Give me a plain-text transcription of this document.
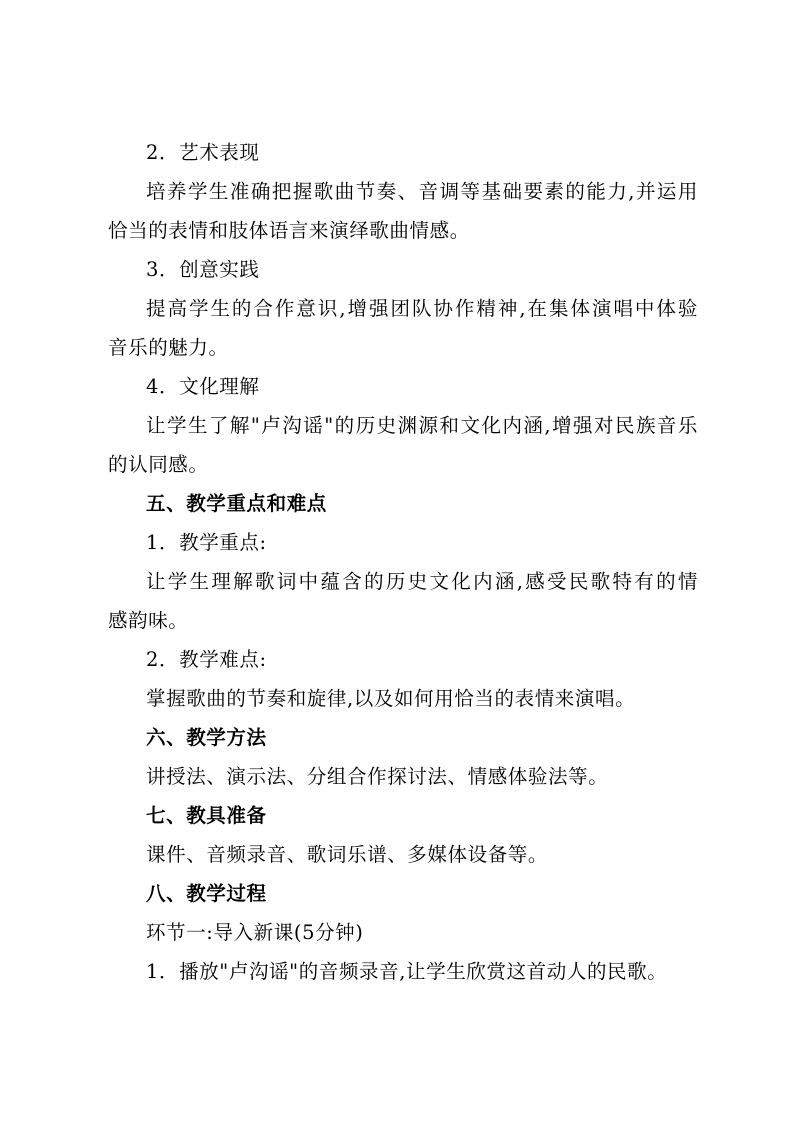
2．艺术表现
培养学生准确把握歌曲节奏、音调等基础要素的能力,并运用
恰当的表情和肢体语言来演绎歌曲情感。
3．创意实践
提高学生的合作意识,增强团队协作精神,在集体演唱中体验
音乐的魅力。
4．文化理解
让学生了解"卢沟谣"的历史渊源和文化内涵,增强对民族音乐
的认同感。
五、教学重点和难点
1．教学重点:
让学生理解歌词中蕴含的历史文化内涵,感受民歌特有的情
感韵味。
2．教学难点:
掌握歌曲的节奏和旋律,以及如何用恰当的表情来演唱。
六、教学方法
讲授法、演示法、分组合作探讨法、情感体验法等。
七、教具准备
课件、音频录音、歌词乐谱、多媒体设备等。
八、教学过程
环节一:导入新课(5分钟)
1．播放"卢沟谣"的音频录音,让学生欣赏这首动人的民歌。
